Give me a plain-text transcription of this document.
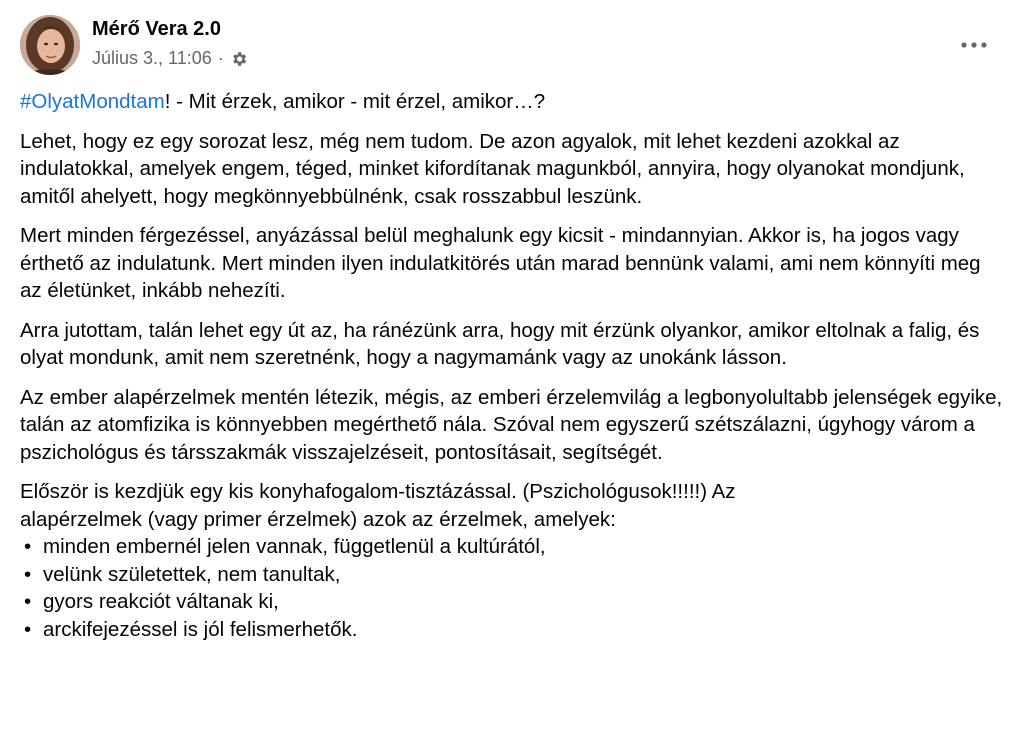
Mérő Vera 2.0
Július 3., 11:06 ·

#OlyatMondtam! - Mit érzek, amikor - mit érzel, amikor…?

Lehet, hogy ez egy sorozat lesz, még nem tudom. De azon agyalok, mit lehet kezdeni azokkal az indulatokkal, amelyek engem, téged, minket kifordítanak magunkból, annyira, hogy olyanokat mondjunk, amitől ahelyett, hogy megkönnyebbülnénk, csak rosszabbul leszünk.

Mert minden férgezéssel, anyázással belül meghalunk egy kicsit - mindannyian. Akkor is, ha jogos vagy érthető az indulatunk. Mert minden ilyen indulatkitörés után marad bennünk valami, ami nem könnyíti meg az életünket, inkább nehezíti.

Arra jutottam, talán lehet egy út az, ha ránézünk arra, hogy mit érzünk olyankor, amikor eltolnak a falig, és olyat mondunk, amit nem szeretnénk, hogy a nagymamánk vagy az unokánk lásson.

Az ember alapérzelmek mentén létezik, mégis, az emberi érzelemvilág a legbonyolultabb jelenségek egyike, talán az atomfizika is könnyebben megérthető nála. Szóval nem egyszerű szétszálazni, úgyhogy várom a pszichológus és társszakmák visszajelzéseit, pontosításait, segítségét.

Először is kezdjük egy kis konyhafogalom-tisztázással. (Pszichológusok!!!!!) Az
alapérzelmek (vagy primer érzelmek) azok az érzelmek, amelyek:
• minden embernél jelen vannak, függetlenül a kultúrától,
• velünk születettek, nem tanultak,
• gyors reakciót váltanak ki,
• arckifejezéssel is jól felismerhetők.
